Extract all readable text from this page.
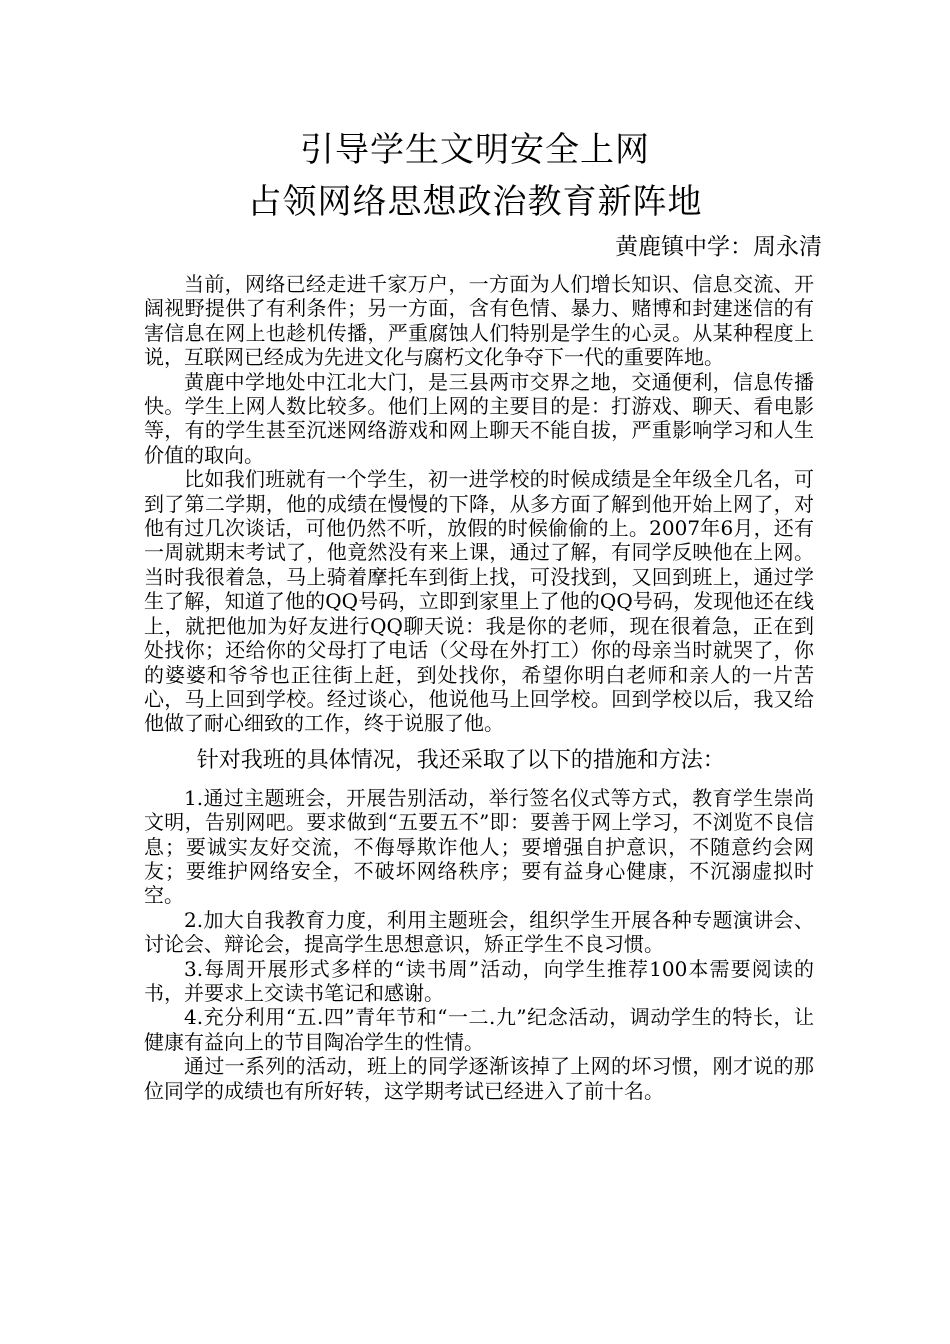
引导学生文明安全上网
占领网络思想政治教育新阵地

黄鹿镇中学：周永清

当前，网络已经走进千家万户，一方面为人们增长知识、信息交流、开阔视野提供了有利条件；另一方面，含有色情、暴力、赌博和封建迷信的有害信息在网上也趁机传播，严重腐蚀人们特别是学生的心灵。从某种程度上说，互联网已经成为先进文化与腐朽文化争夺下一代的重要阵地。

黄鹿中学地处中江北大门，是三县两市交界之地，交通便利，信息传播快。学生上网人数比较多。他们上网的主要目的是：打游戏、聊天、看电影等，有的学生甚至沉迷网络游戏和网上聊天不能自拔，严重影响学习和人生价值的取向。

比如我们班就有一个学生，初一进学校的时候成绩是全年级全几名，可到了第二学期，他的成绩在慢慢的下降，从多方面了解到他开始上网了，对他有过几次谈话，可他仍然不听，放假的时候偷偷的上。2007年6月，还有一周就期末考试了，他竟然没有来上课，通过了解，有同学反映他在上网。当时我很着急，马上骑着摩托车到街上找，可没找到，又回到班上，通过学生了解，知道了他的QQ号码，立即到家里上了他的QQ号码，发现他还在线上，就把他加为好友进行QQ聊天说：我是你的老师，现在很着急，正在到处找你；还给你的父母打了电话（父母在外打工）你的母亲当时就哭了，你的婆婆和爷爷也正往街上赶，到处找你，希望你明白老师和亲人的一片苦心，马上回到学校。经过谈心，他说他马上回学校。回到学校以后，我又给他做了耐心细致的工作，终于说服了他。

针对我班的具体情况，我还采取了以下的措施和方法：

1.通过主题班会，开展告别活动，举行签名仪式等方式，教育学生崇尚文明，告别网吧。要求做到“五要五不”即：要善于网上学习，不浏览不良信息；要诚实友好交流，不侮辱欺诈他人；要增强自护意识，不随意约会网友；要维护网络安全，不破坏网络秩序；要有益身心健康，不沉溺虚拟时空。

2.加大自我教育力度，利用主题班会，组织学生开展各种专题演讲会、讨论会、辩论会，提高学生思想意识，矫正学生不良习惯。

3.每周开展形式多样的“读书周”活动，向学生推荐100本需要阅读的书，并要求上交读书笔记和感谢。

4.充分利用“五.四”青年节和“一二.九”纪念活动，调动学生的特长，让健康有益向上的节目陶冶学生的性情。

通过一系列的活动，班上的同学逐渐该掉了上网的坏习惯，刚才说的那位同学的成绩也有所好转，这学期考试已经进入了前十名。
